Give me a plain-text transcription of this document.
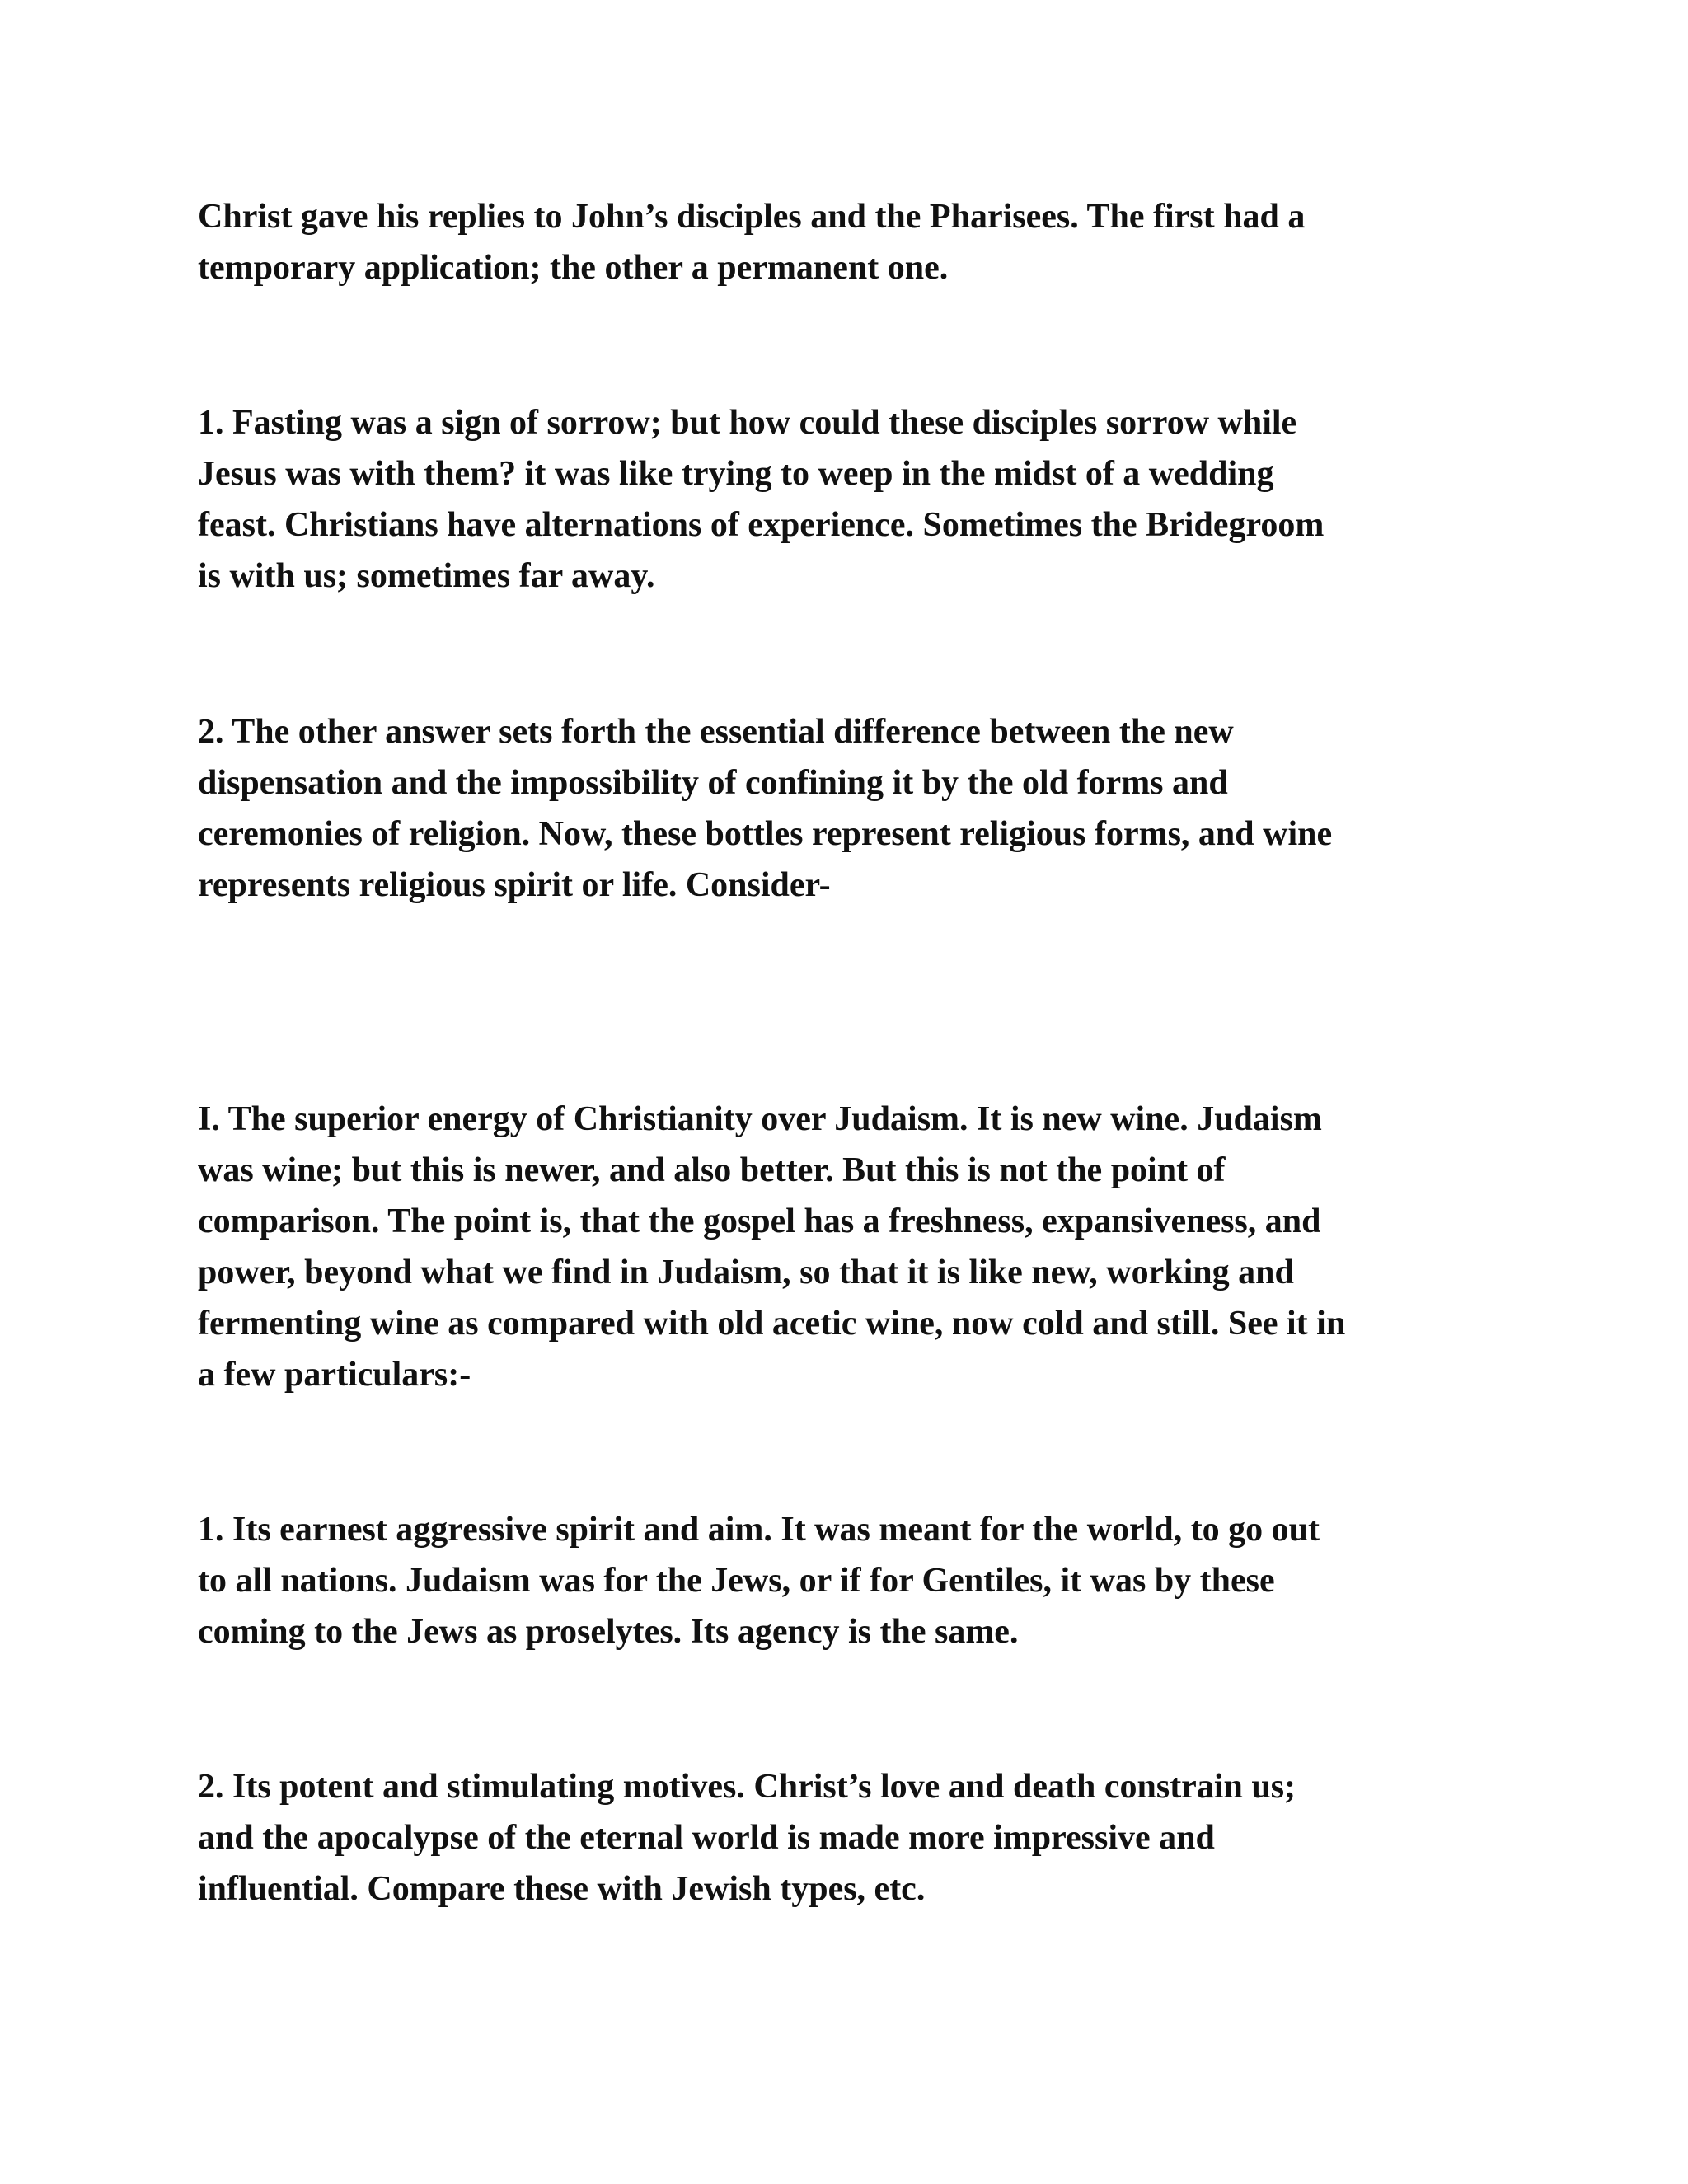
Christ gave his replies to John’s disciples and the Pharisees. The first had a
temporary application; the other a permanent one.

1. Fasting was a sign of sorrow; but how could these disciples sorrow while
Jesus was with them? it was like trying to weep in the midst of a wedding
feast. Christians have alternations of experience. Sometimes the Bridegroom
is with us; sometimes far away.

2. The other answer sets forth the essential difference between the new
dispensation and the impossibility of confining it by the old forms and
ceremonies of religion. Now, these bottles represent religious forms, and wine
represents religious spirit or life. Consider-

I. The superior energy of Christianity over Judaism. It is new wine. Judaism
was wine; but this is newer, and also better. But this is not the point of
comparison. The point is, that the gospel has a freshness, expansiveness, and
power, beyond what we find in Judaism, so that it is like new, working and
fermenting wine as compared with old acetic wine, now cold and still. See it in
a few particulars:-

1. Its earnest aggressive spirit and aim. It was meant for the world, to go out
to all nations. Judaism was for the Jews, or if for Gentiles, it was by these
coming to the Jews as proselytes. Its agency is the same.

2. Its potent and stimulating motives. Christ’s love and death constrain us;
and the apocalypse of the eternal world is made more impressive and
influential. Compare these with Jewish types, etc.
